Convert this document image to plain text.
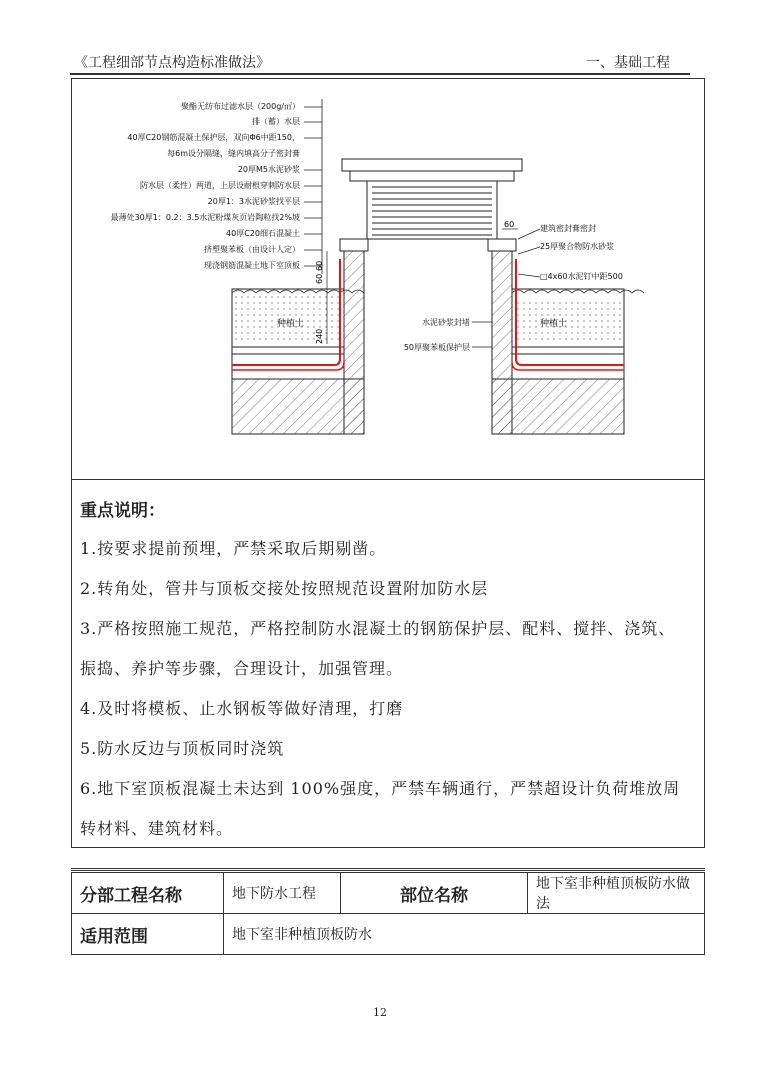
《工程细部节点构造标准做法》	一、基础工程
聚酯无纺布过滤水层（200g/㎡）
排（蓄）水层
40厚C20钢筋混凝土保护层，双向Φ6中距150，
每6m设分隔缝，缝内填高分子密封膏
20厚M5水泥砂浆
防水层（柔性）两道，上层设耐根穿刺防水层
20厚1：3水泥砂浆找平层
最薄处30厚1：0.2：3.5水泥粉煤灰页岩陶粒找2%坡
40厚C20细石混凝土
挤塑聚苯板（由设计人定）
现浇钢筋混凝土地下室顶板
种植土	种植土
60
60
240
60	建筑密封膏密封
25厚聚合物防水砂浆
□4x60水泥钉中距500
水泥砂浆封堵
50厚聚苯板保护层
重点说明：
1.按要求提前预埋，严禁采取后期剔凿。
2.转角处，管井与顶板交接处按照规范设置附加防水层
3.严格按照施工规范，严格控制防水混凝土的钢筋保护层、配料、搅拌、浇筑、
振捣、养护等步骤，合理设计，加强管理。
4.及时将模板、止水钢板等做好清理，打磨
5.防水反边与顶板同时浇筑
6.地下室顶板混凝土未达到 100%强度，严禁车辆通行，严禁超设计负荷堆放周
转材料、建筑材料。
分部工程名称	地下防水工程	部位名称	地下室非种植顶板防水做法
适用范围	地下室非种植顶板防水		
12
